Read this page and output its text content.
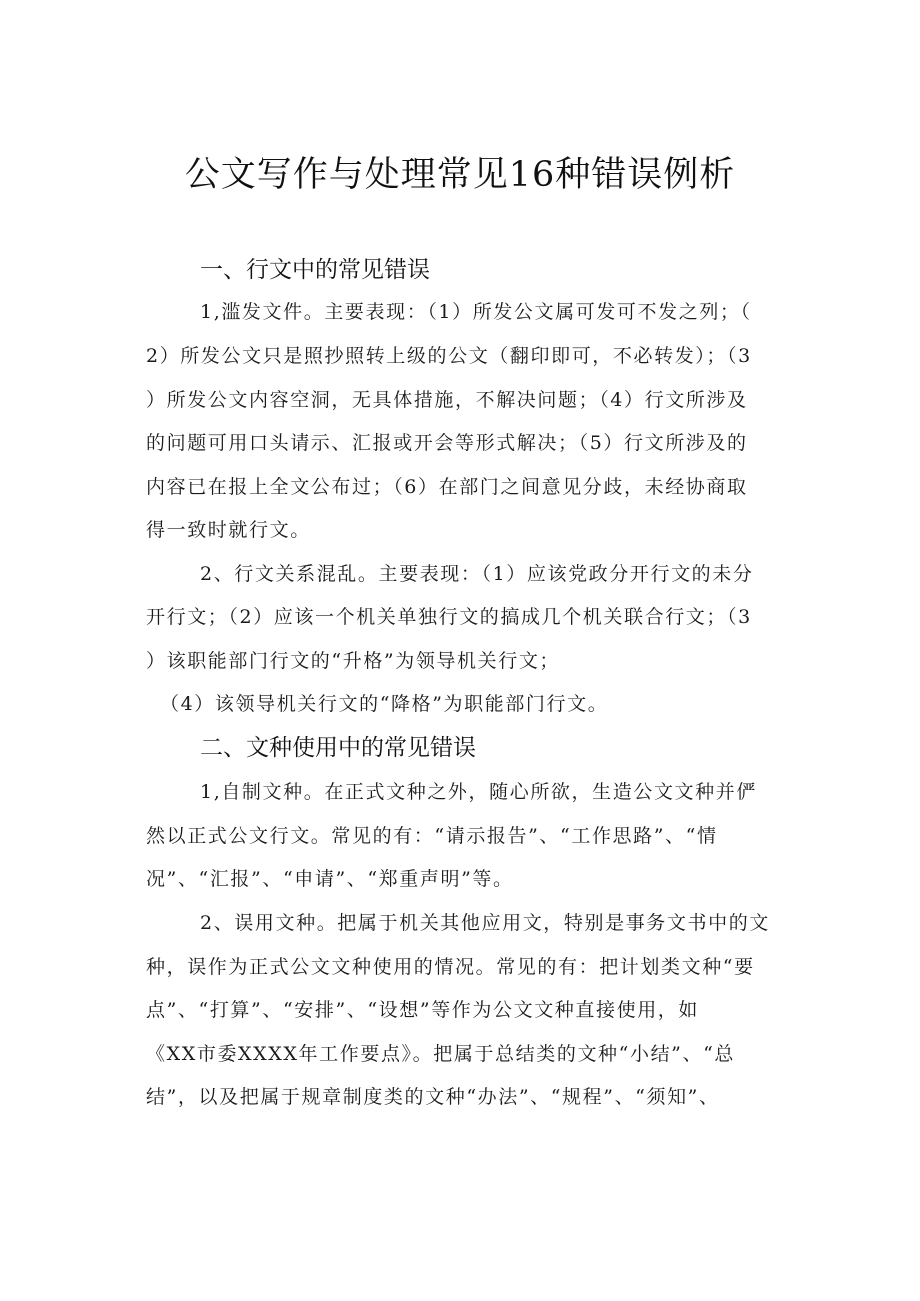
公文写作与处理常见16种错误例析
一、行文中的常见错误
1,滥发文件。主要表现：（1）所发公文属可发可不发之列；（
2）所发公文只是照抄照转上级的公文（翻印即可，不必转发）；（3
）所发公文内容空洞，无具体措施，不解决问题；（4）行文所涉及
的问题可用口头请示、汇报或开会等形式解决；（5）行文所涉及的
内容已在报上全文公布过；（6）在部门之间意见分歧，未经协商取
得一致时就行文。
2、行文关系混乱。主要表现：（1）应该党政分开行文的未分
开行文；（2）应该一个机关单独行文的搞成几个机关联合行文；（3
）该职能部门行文的“升格”为领导机关行文；
（4）该领导机关行文的“降格”为职能部门行文。
二、文种使用中的常见错误
1,自制文种。在正式文种之外，随心所欲，生造公文文种并俨
然以正式公文行文。常见的有：“请示报告”、“工作思路”、“情
况”、“汇报”、“申请”、“郑重声明”等。
2、误用文种。把属于机关其他应用文，特别是事务文书中的文
种，误作为正式公文文种使用的情况。常见的有：把计划类文种“要
点”、“打算”、“安排”、“设想”等作为公文文种直接使用，如
《XX市委XXXX年工作要点》。把属于总结类的文种“小结”、“总
结”，以及把属于规章制度类的文种“办法”、“规程”、“须知”、
